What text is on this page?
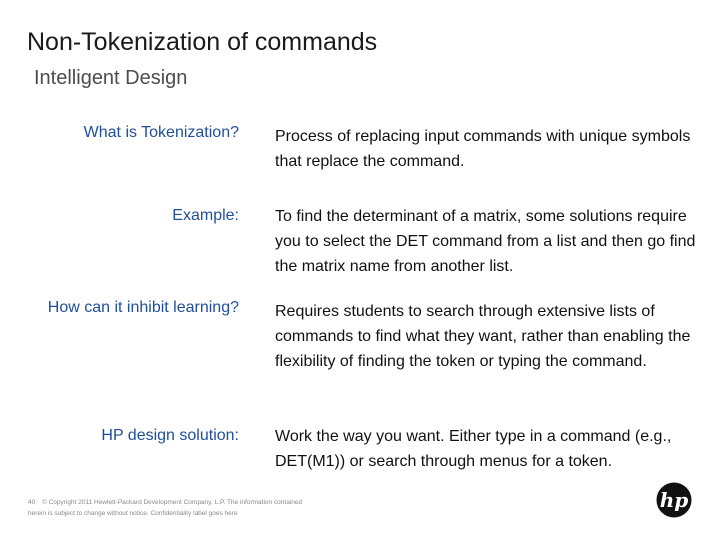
Non-Tokenization of commands
Intelligent Design
What is Tokenization? Process of replacing input commands with unique symbols that replace the command.
Example: To find the determinant of a matrix, some solutions require you to select the DET command from a list and then go find the matrix name from another list.
How can it inhibit learning? Requires students to search through extensive lists of commands to find what they want, rather than enabling the flexibility of finding the token or typing the command.
HP design solution: Work the way you want. Either type in a command (e.g., DET(M1)) or search through menus for a token.
40 © Copyright 2011 Hewlett-Packard Development Company, L.P. The information contained herein is subject to change without notice. Confidentiality label goes here
hp
